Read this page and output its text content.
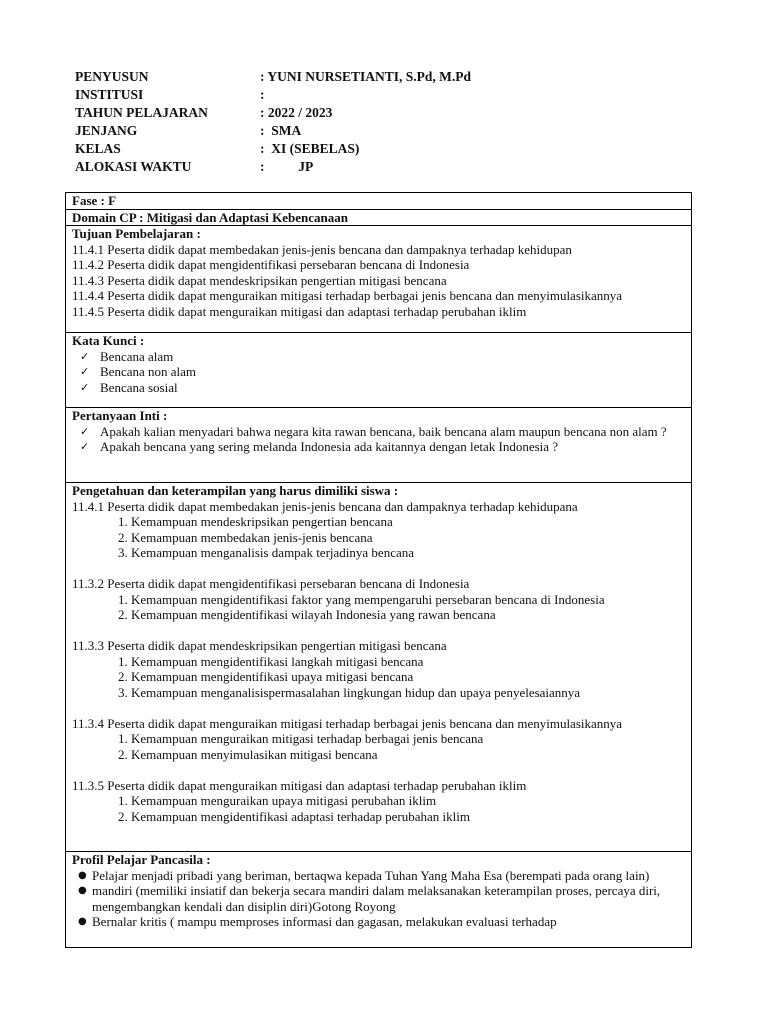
PENYUSUN	: YUNI NURSETIANTI, S.Pd, M.Pd
INSTITUSI	:
TAHUN PELAJARAN	: 2022 / 2023
JENJANG	:  SMA
KELAS	:  XI (SEBELAS)
ALOKASI WAKTU	:          JP
Fase : F
Domain CP : Mitigasi dan Adaptasi Kebencanaan

Tujuan Pembelajaran :
11.4.1 Peserta didik dapat membedakan jenis-jenis bencana dan dampaknya terhadap kehidupan
11.4.2 Peserta didik dapat mengidentifikasi persebaran bencana di Indonesia
11.4.3 Peserta didik dapat mendeskripsikan pengertian mitigasi bencana
11.4.4 Peserta didik dapat menguraikan mitigasi terhadap berbagai jenis bencana dan menyimulasikannya
11.4.5 Peserta didik dapat menguraikan mitigasi dan adaptasi terhadap perubahan iklim

Kata Kunci :
✓ Bencana alam
✓ Bencana non alam
✓ Bencana sosial

Pertanyaan Inti :
✓ Apakah kalian menyadari bahwa negara kita rawan bencana, baik bencana alam maupun bencana non alam ?
✓ Apakah bencana yang sering melanda Indonesia ada kaitannya dengan letak Indonesia ?

Pengetahuan dan keterampilan yang harus dimiliki siswa :
11.4.1 Peserta didik dapat membedakan jenis-jenis bencana dan dampaknya terhadap kehidupana
1. Kemampuan mendeskripsikan pengertian bencana
2. Kemampuan membedakan jenis-jenis bencana
3. Kemampuan menganalisis dampak terjadinya bencana
11.3.2 Peserta didik dapat mengidentifikasi persebaran bencana di Indonesia
1. Kemampuan mengidentifikasi faktor yang mempengaruhi persebaran bencana di Indonesia
2. Kemampuan mengidentifikasi wilayah Indonesia yang rawan bencana
11.3.3 Peserta didik dapat mendeskripsikan pengertian mitigasi bencana
1. Kemampuan mengidentifikasi langkah mitigasi bencana
2. Kemampuan mengidentifikasi upaya mitigasi bencana
3. Kemampuan menganalisispermasalahan lingkungan hidup dan upaya penyelesaiannya
11.3.4 Peserta didik dapat menguraikan mitigasi terhadap berbagai jenis bencana dan menyimulasikannya
1. Kemampuan menguraikan mitigasi terhadap berbagai jenis bencana
2. Kemampuan menyimulasikan mitigasi bencana
11.3.5 Peserta didik dapat menguraikan mitigasi dan adaptasi terhadap perubahan iklim
1. Kemampuan menguraikan upaya mitigasi perubahan iklim
2. Kemampuan mengidentifikasi adaptasi terhadap perubahan iklim

Profil Pelajar Pancasila :
● Pelajar menjadi pribadi yang beriman, bertaqwa kepada Tuhan Yang Maha Esa (berempati pada orang lain)
● mandiri (memiliki insiatif dan bekerja secara mandiri dalam melaksanakan keterampilan proses, percaya diri, mengembangkan kendali dan disiplin diri)Gotong Royong
● Bernalar kritis ( mampu memproses informasi dan gagasan, melakukan evaluasi terhadap
